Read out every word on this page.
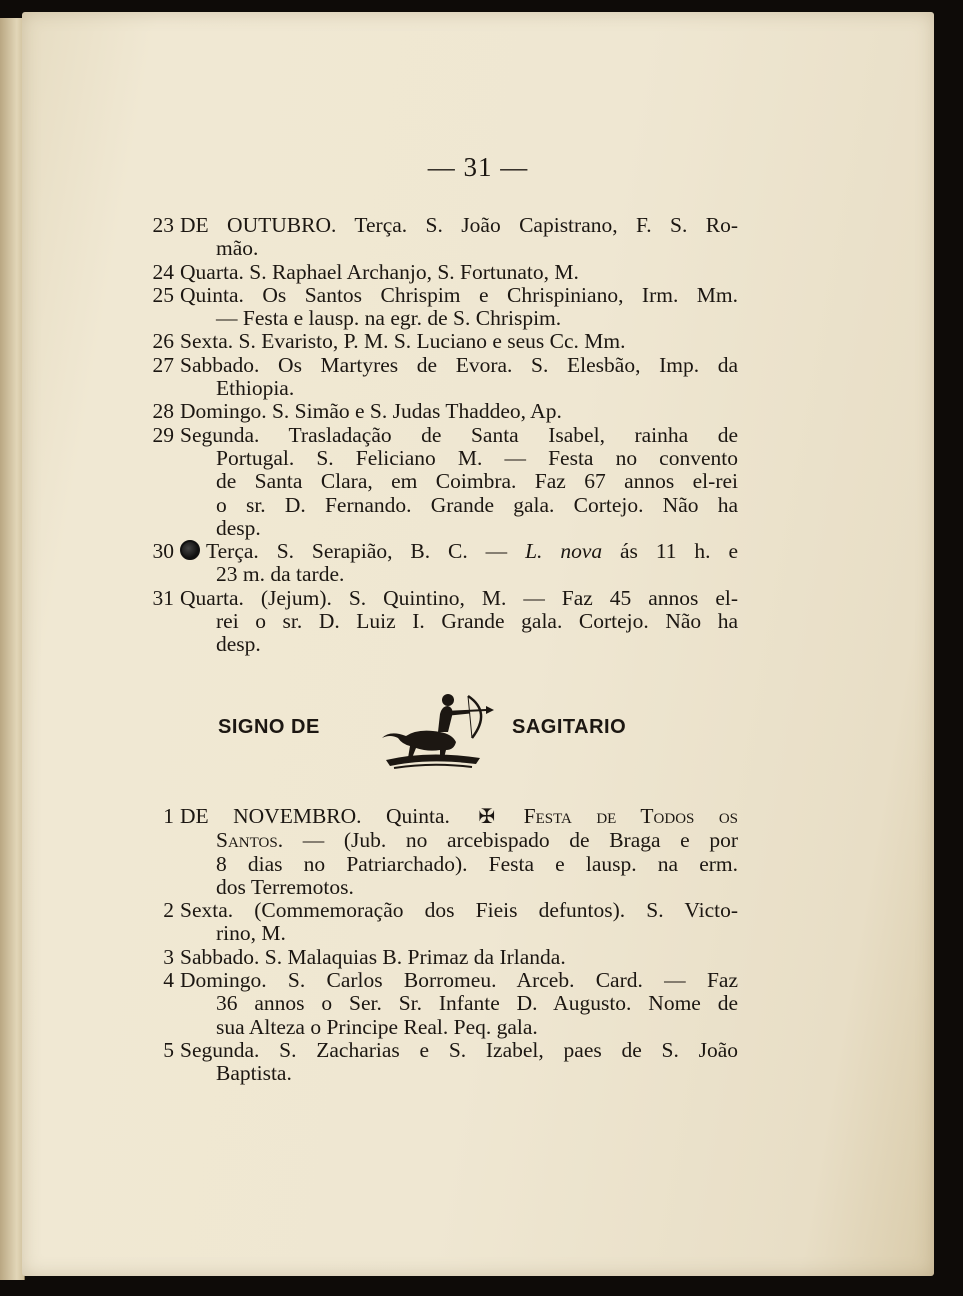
— 31 —
23 DE OUTUBRO. Terça. S. João Capistrano, F. S. Ro-
mão.
24 Quarta. S. Raphael Archanjo, S. Fortunato, M.
25 Quinta. Os Santos Chrispim e Chrispiniano, Irm. Mm.
— Festa e lausp. na egr. de S. Chrispim.
26 Sexta. S. Evaristo, P. M. S. Luciano e seus Cc. Mm.
27 Sabbado. Os Martyres de Evora. S. Elesbão, Imp. da
Ethiopia.
28 Domingo. S. Simão e S. Judas Thaddeo, Ap.
29 Segunda. Trasladação de Santa Isabel, rainha de
Portugal. S. Feliciano M. — Festa no convento
de Santa Clara, em Coimbra. Faz 67 annos el-rei
o sr. D. Fernando. Grande gala. Cortejo. Não ha
desp.
30	Terça. S. Serapião, B. C. — L. nova ás 11 h. e
23 m. da tarde.
31 Quarta. (Jejum). S. Quintino, M. — Faz 45 annos el-
rei o sr. D. Luiz I. Grande gala. Cortejo. Não ha
desp.
SIGNO DE	SAGITARIO
1 DE NOVEMBRO. Quinta. ✠ Festa de Todos os
Santos. — (Jub. no arcebispado de Braga e por
8 dias no Patriarchado). Festa e lausp. na erm.
dos Terremotos.
2 Sexta. (Commemoração dos Fieis defuntos). S. Victo-
rino, M.
3 Sabbado. S. Malaquias B. Primaz da Irlanda.
4 Domingo. S. Carlos Borromeu. Arceb. Card. — Faz
36 annos o Ser. Sr. Infante D. Augusto. Nome de
sua Alteza o Principe Real. Peq. gala.
5 Segunda. S. Zacharias e S. Izabel, paes de S. João
Baptista.
